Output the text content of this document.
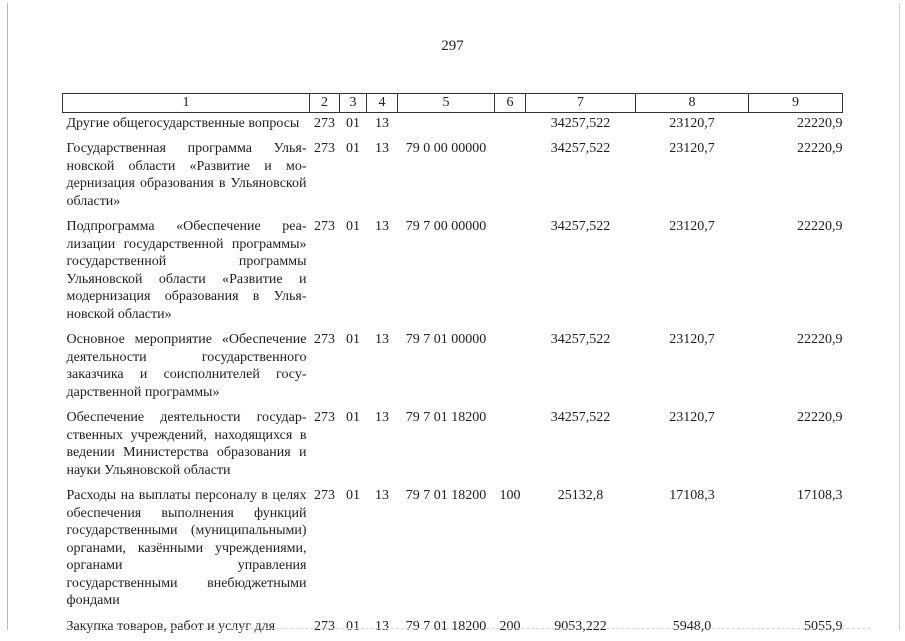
297
1	2	3	4	5	6	7	8	9
Другие общегосударственные вопросы	273	01	13			34257,522	23120,7	22220,9
Государственная программа Ульяновской области «Развитие и модернизация образования в Ульяновской области»	273	01	13	79 0 00 00000		34257,522	23120,7	22220,9
Подпрограмма «Обеспечение реализации государственной программы» государственной программы Ульяновской области «Развитие и модернизация образования в Ульяновской области»	273	01	13	79 7 00 00000		34257,522	23120,7	22220,9
Основное мероприятие «Обеспечение деятельности государственного заказчика и соисполнителей государственной программы»	273	01	13	79 7 01 00000		34257,522	23120,7	22220,9
Обеспечение деятельности государственных учреждений, находящихся в ведении Министерства образования и науки Ульяновской области	273	01	13	79 7 01 18200		34257,522	23120,7	22220,9
Расходы на выплаты персоналу в целях обеспечения выполнения функций государственными (муниципальными) органами, казёнными учреждениями, органами управления государственными внебюджетными фондами	273	01	13	79 7 01 18200	100	25132,8	17108,3	17108,3
Закупка товаров, работ и услуг для	273	01	13	79 7 01 18200	200	9053,222	5948,0	5055,9
